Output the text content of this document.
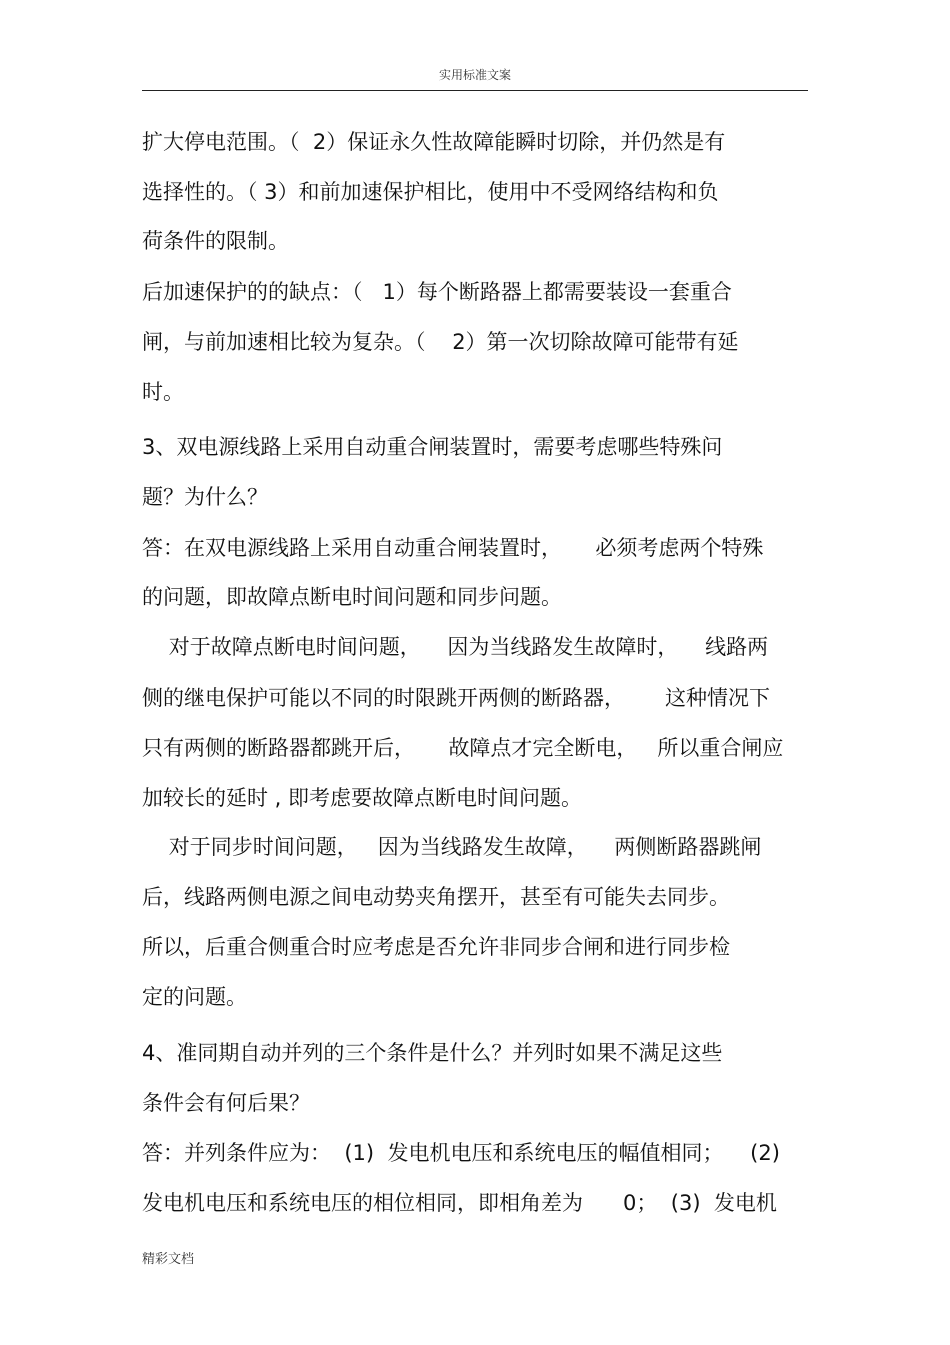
实用标准文案
扩大停电范围。（  2）保证永久性故障能瞬时切除，并仍然是有
选择性的。（ 3）和前加速保护相比，使用中不受网络结构和负
荷条件的限制。
后加速保护的的缺点：（   1）每个断路器上都需要装设一套重合
闸，与前加速相比较为复杂。（    2）第一次切除故障可能带有延
时。
3、双电源线路上采用自动重合闸装置时，需要考虑哪些特殊问
题？为什么？
答：在双电源线路上采用自动重合闸装置时，     必须考虑两个特殊
的问题，即故障点断电时间问题和同步问题。
对于故障点断电时间问题，    因为当线路发生故障时，    线路两
侧的继电保护可能以不同的时限跳开两侧的断路器，      这种情况下
只有两侧的断路器都跳开后，     故障点才完全断电，   所以重合闸应
加较长的延时 , 即考虑要故障点断电时间问题。
对于同步时间问题，   因为当线路发生故障，    两侧断路器跳闸
后，线路两侧电源之间电动势夹角摆开，甚至有可能失去同步。
所以，后重合侧重合时应考虑是否允许非同步合闸和进行同步检
定的问题。
4、准同期自动并列的三个条件是什么？并列时如果不满足这些
条件会有何后果？
答：并列条件应为：  (1)  发电机电压和系统电压的幅值相同；    (2)
发电机电压和系统电压的相位相同，即相角差为      0；  (3)  发电机
精彩文档
